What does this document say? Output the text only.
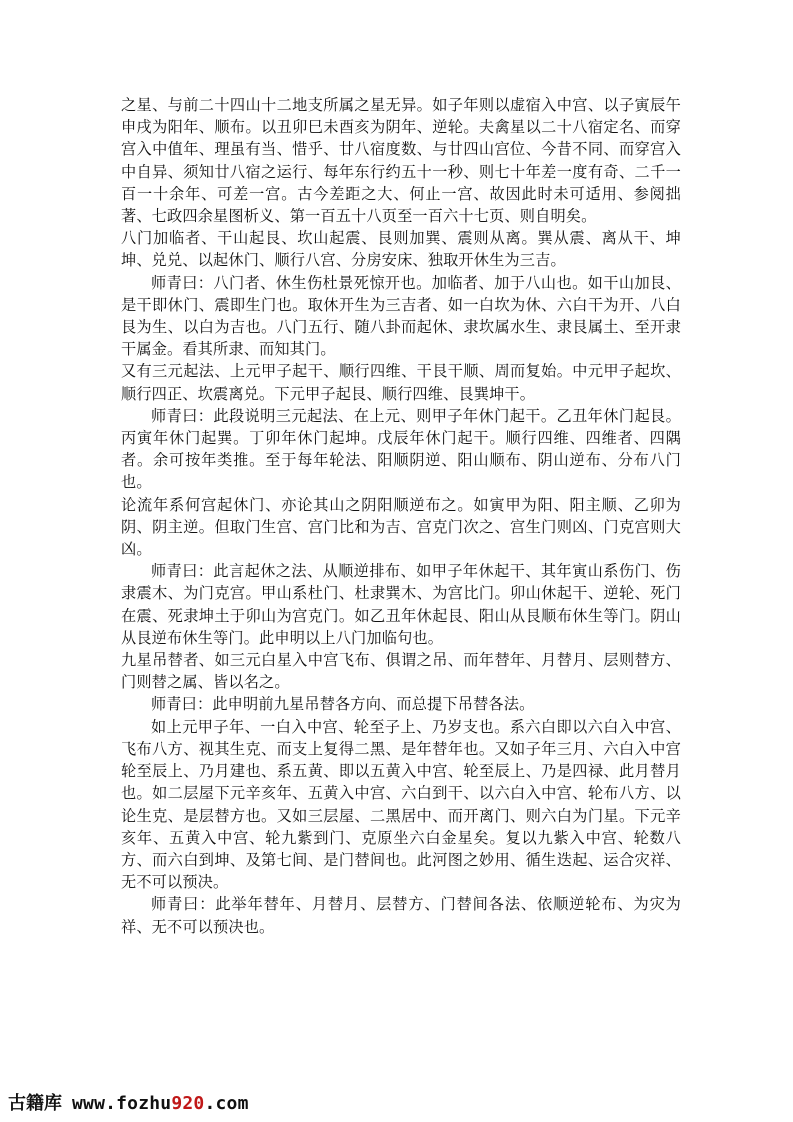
之星、与前二十四山十二地支所属之星无异。如子年则以虚宿入中宫、以子寅辰午申戌为阳年、顺布。以丑卯巳未酉亥为阴年、逆轮。夫禽星以二十八宿定名、而穿宫入中值年、理虽有当、惜乎、廿八宿度数、与廿四山宫位、今昔不同、而穿宫入中自异、须知廿八宿之运行、每年东行约五十一秒、则七十年差一度有奇、二千一百一十余年、可差一宫。古今差距之大、何止一宫、故因此时未可适用、参阅拙著、七政四余星图析义、第一百五十八页至一百六十七页、则自明矣。

八门加临者、干山起艮、坎山起震、艮则加巽、震则从离。巽从震、离从干、坤坤、兑兑、以起休门、顺行八宫、分房安床、独取开休生为三吉。

师青曰：八门者、休生伤杜景死惊开也。加临者、加于八山也。如干山加艮、是干即休门、震即生门也。取休开生为三吉者、如一白坎为休、六白干为开、八白艮为生、以白为吉也。八门五行、随八卦而起休、隶坎属水生、隶艮属土、至开隶干属金。看其所隶、而知其门。

又有三元起法、上元甲子起干、顺行四维、干艮干顺、周而复始。中元甲子起坎、顺行四正、坎震离兑。下元甲子起艮、顺行四维、艮巽坤干。

师青曰：此段说明三元起法、在上元、则甲子年休门起干。乙丑年休门起艮。丙寅年休门起巽。丁卯年休门起坤。戊辰年休门起干。顺行四维、四维者、四隅者。余可按年类推。至于每年轮法、阳顺阴逆、阳山顺布、阴山逆布、分布八门也。

论流年系何宫起休门、亦论其山之阴阳顺逆布之。如寅甲为阳、阳主顺、乙卯为阴、阴主逆。但取门生宫、宫门比和为吉、宫克门次之、宫生门则凶、门克宫则大凶。

师青曰：此言起休之法、从顺逆排布、如甲子年休起干、其年寅山系伤门、伤隶震木、为门克宫。甲山系杜门、杜隶巽木、为宫比门。卯山休起干、逆轮、死门在震、死隶坤土于卯山为宫克门。如乙丑年休起艮、阳山从艮顺布休生等门。阴山从艮逆布休生等门。此申明以上八门加临句也。

九星吊替者、如三元白星入中宫飞布、俱谓之吊、而年替年、月替月、层则替方、门则替之属、皆以名之。

师青曰：此申明前九星吊替各方向、而总提下吊替各法。

如上元甲子年、一白入中宫、轮至子上、乃岁支也。系六白即以六白入中宫、飞布八方、视其生克、而支上复得二黑、是年替年也。又如子年三月、六白入中宫轮至辰上、乃月建也、系五黄、即以五黄入中宫、轮至辰上、乃是四禄、此月替月也。如二层屋下元辛亥年、五黄入中宫、六白到干、以六白入中宫、轮布八方、以论生克、是层替方也。又如三层屋、二黑居中、而开离门、则六白为门星。下元辛亥年、五黄入中宫、轮九紫到门、克原坐六白金星矣。复以九紫入中宫、轮数八方、而六白到坤、及第七间、是门替间也。此河图之妙用、循生迭起、运合灾祥、无不可以预决。

师青曰：此举年替年、月替月、层替方、门替间各法、依顺逆轮布、为灾为祥、无不可以预决也。

古籍库 www.fozhu920.com
